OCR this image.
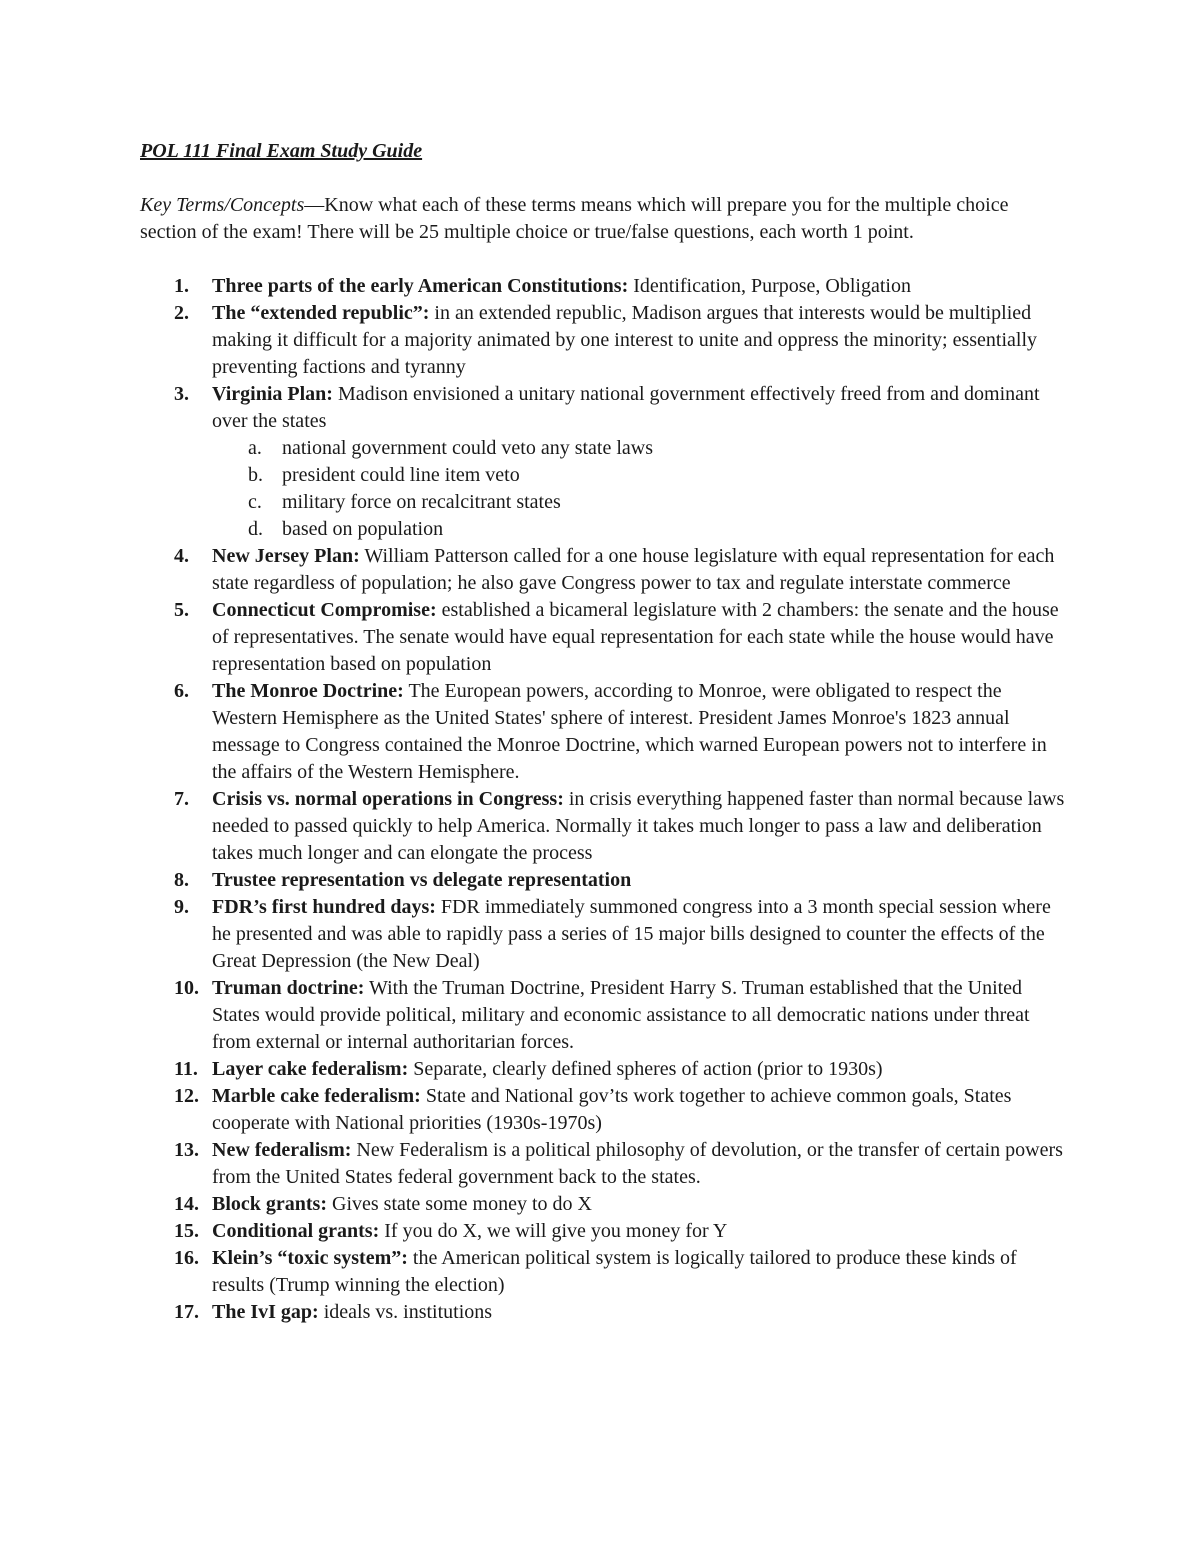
POL 111 Final Exam Study Guide
Key Terms/Concepts—Know what each of these terms means which will prepare you for the multiple choice section of the exam! There will be 25 multiple choice or true/false questions, each worth 1 point.
1. Three parts of the early American Constitutions: Identification, Purpose, Obligation
2. The “extended republic”: in an extended republic, Madison argues that interests would be multiplied making it difficult for a majority animated by one interest to unite and oppress the minority; essentially preventing factions and tyranny
3. Virginia Plan: Madison envisioned a unitary national government effectively freed from and dominant over the states
a. national government could veto any state laws
b. president could line item veto
c. military force on recalcitrant states
d. based on population
4. New Jersey Plan: William Patterson called for a one house legislature with equal representation for each state regardless of population; he also gave Congress power to tax and regulate interstate commerce
5. Connecticut Compromise: established a bicameral legislature with 2 chambers: the senate and the house of representatives. The senate would have equal representation for each state while the house would have representation based on population
6. The Monroe Doctrine: The European powers, according to Monroe, were obligated to respect the Western Hemisphere as the United States' sphere of interest. President James Monroe's 1823 annual message to Congress contained the Monroe Doctrine, which warned European powers not to interfere in the affairs of the Western Hemisphere.
7. Crisis vs. normal operations in Congress: in crisis everything happened faster than normal because laws needed to passed quickly to help America. Normally it takes much longer to pass a law and deliberation takes much longer and can elongate the process
8. Trustee representation vs delegate representation
9. FDR’s first hundred days: FDR immediately summoned congress into a 3 month special session where he presented and was able to rapidly pass a series of 15 major bills designed to counter the effects of the Great Depression (the New Deal)
10. Truman doctrine: With the Truman Doctrine, President Harry S. Truman established that the United States would provide political, military and economic assistance to all democratic nations under threat from external or internal authoritarian forces.
11. Layer cake federalism: Separate, clearly defined spheres of action (prior to 1930s)
12. Marble cake federalism: State and National gov’ts work together to achieve common goals, States cooperate with National priorities (1930s-1970s)
13. New federalism: New Federalism is a political philosophy of devolution, or the transfer of certain powers from the United States federal government back to the states.
14. Block grants: Gives state some money to do X
15. Conditional grants: If you do X, we will give you money for Y
16. Klein’s “toxic system”: the American political system is logically tailored to produce these kinds of results (Trump winning the election)
17. The IvI gap: ideals vs. institutions
